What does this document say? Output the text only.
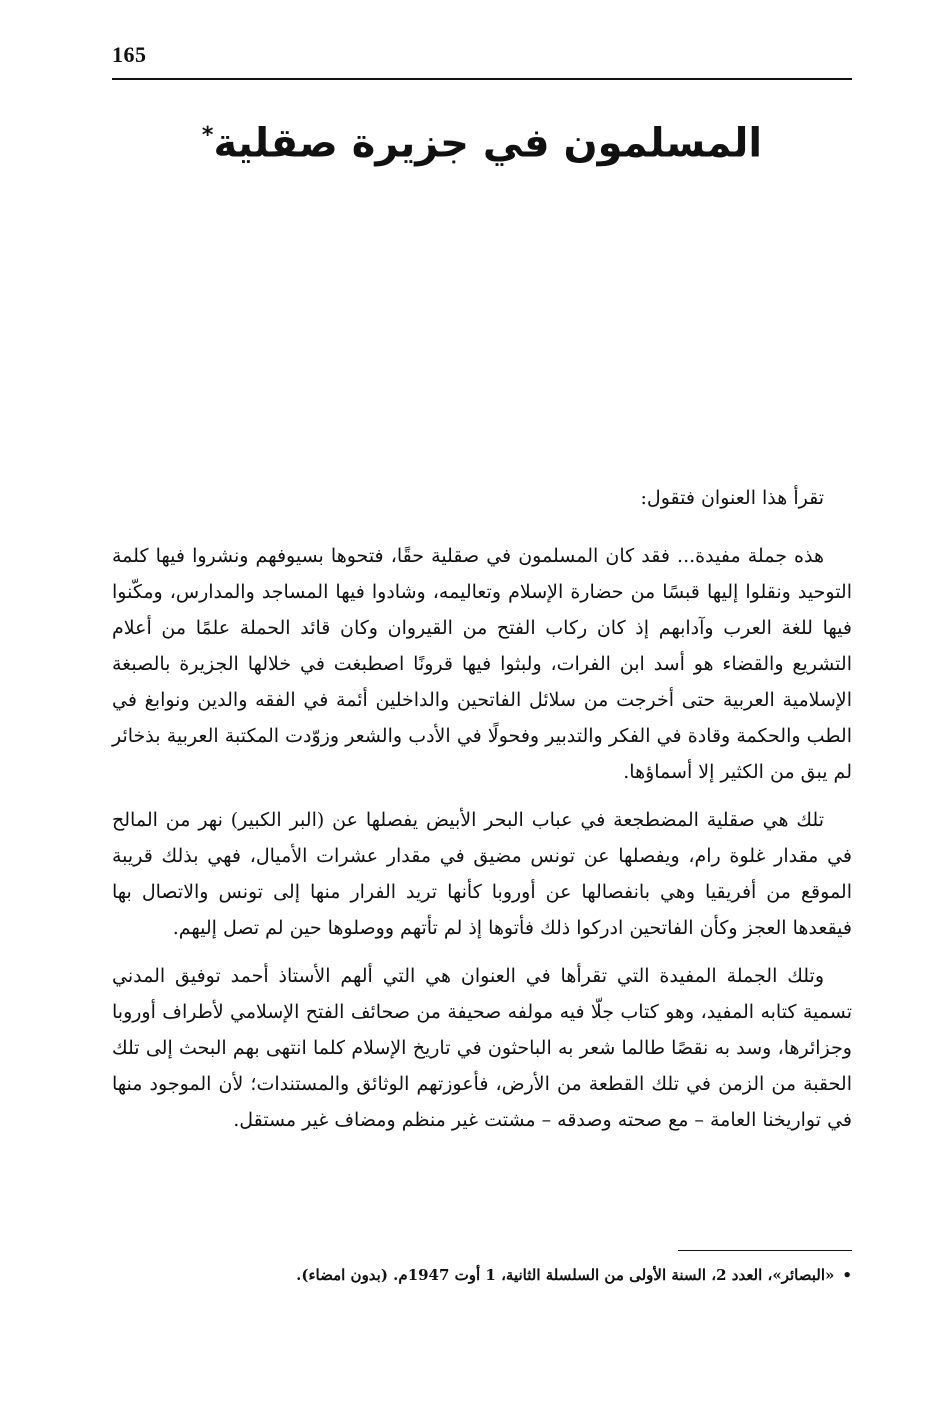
165
المسلمون في جزيرة صقلية*

تقرأ هذا العنوان فتقول:

هذه جملة مفيدة... فقد كان المسلمون في صقلية حقًا، فتحوها بسيوفهم ونشروا فيها كلمة التوحيد ونقلوا إليها قبسًا من حضارة الإسلام وتعاليمه، وشادوا فيها المساجد والمدارس، ومكّنوا فيها للغة العرب وآدابهم إذ كان ركاب الفتح من القيروان وكان قائد الحملة علمًا من أعلام التشريع والقضاء هو أسد ابن الفرات، ولبثوا فيها قرونًا اصطبغت في خلالها الجزيرة بالصبغة الإسلامية العربية حتى أخرجت من سلائل الفاتحين والداخلين أئمة في الفقه والدين ونوابغ في الطب والحكمة وقادة في الفكر والتدبير وفحولًا في الأدب والشعر وزوّدت المكتبة العربية بذخائر لم يبق من الكثير إلا أسماؤها.

تلك هي صقلية المضطجعة في عباب البحر الأبيض يفصلها عن (البر الكبير) نهر من المالح في مقدار غلوة رام، ويفصلها عن تونس مضيق في مقدار عشرات الأميال، فهي بذلك قريبة الموقع من أفريقيا وهي بانفصالها عن أوروبا كأنها تريد الفرار منها إلى تونس والاتصال بها فيقعدها العجز وكأن الفاتحين ادركوا ذلك فأتوها إذ لم تأتهم ووصلوها حين لم تصل إليهم.

وتلك الجملة المفيدة التي تقرأها في العنوان هي التي ألهم الأستاذ أحمد توفيق المدني تسمية كتابه المفيد، وهو كتاب جلّا فيه مولفه صحيفة من صحائف الفتح الإسلامي لأطراف أوروبا وجزائرها، وسد به نقصًا طالما شعر به الباحثون في تاريخ الإسلام كلما انتهى بهم البحث إلى تلك الحقبة من الزمن في تلك القطعة من الأرض، فأعوزتهم الوثائق والمستندات؛ لأن الموجود منها في تواريخنا العامة – مع صحته وصدقه – مشتت غير منظم ومضاف غير مستقل.

•«البصائر»، العدد 2، السنة الأولى من السلسلة الثانية، 1 أوت 1947م. (بدون امضاء).
